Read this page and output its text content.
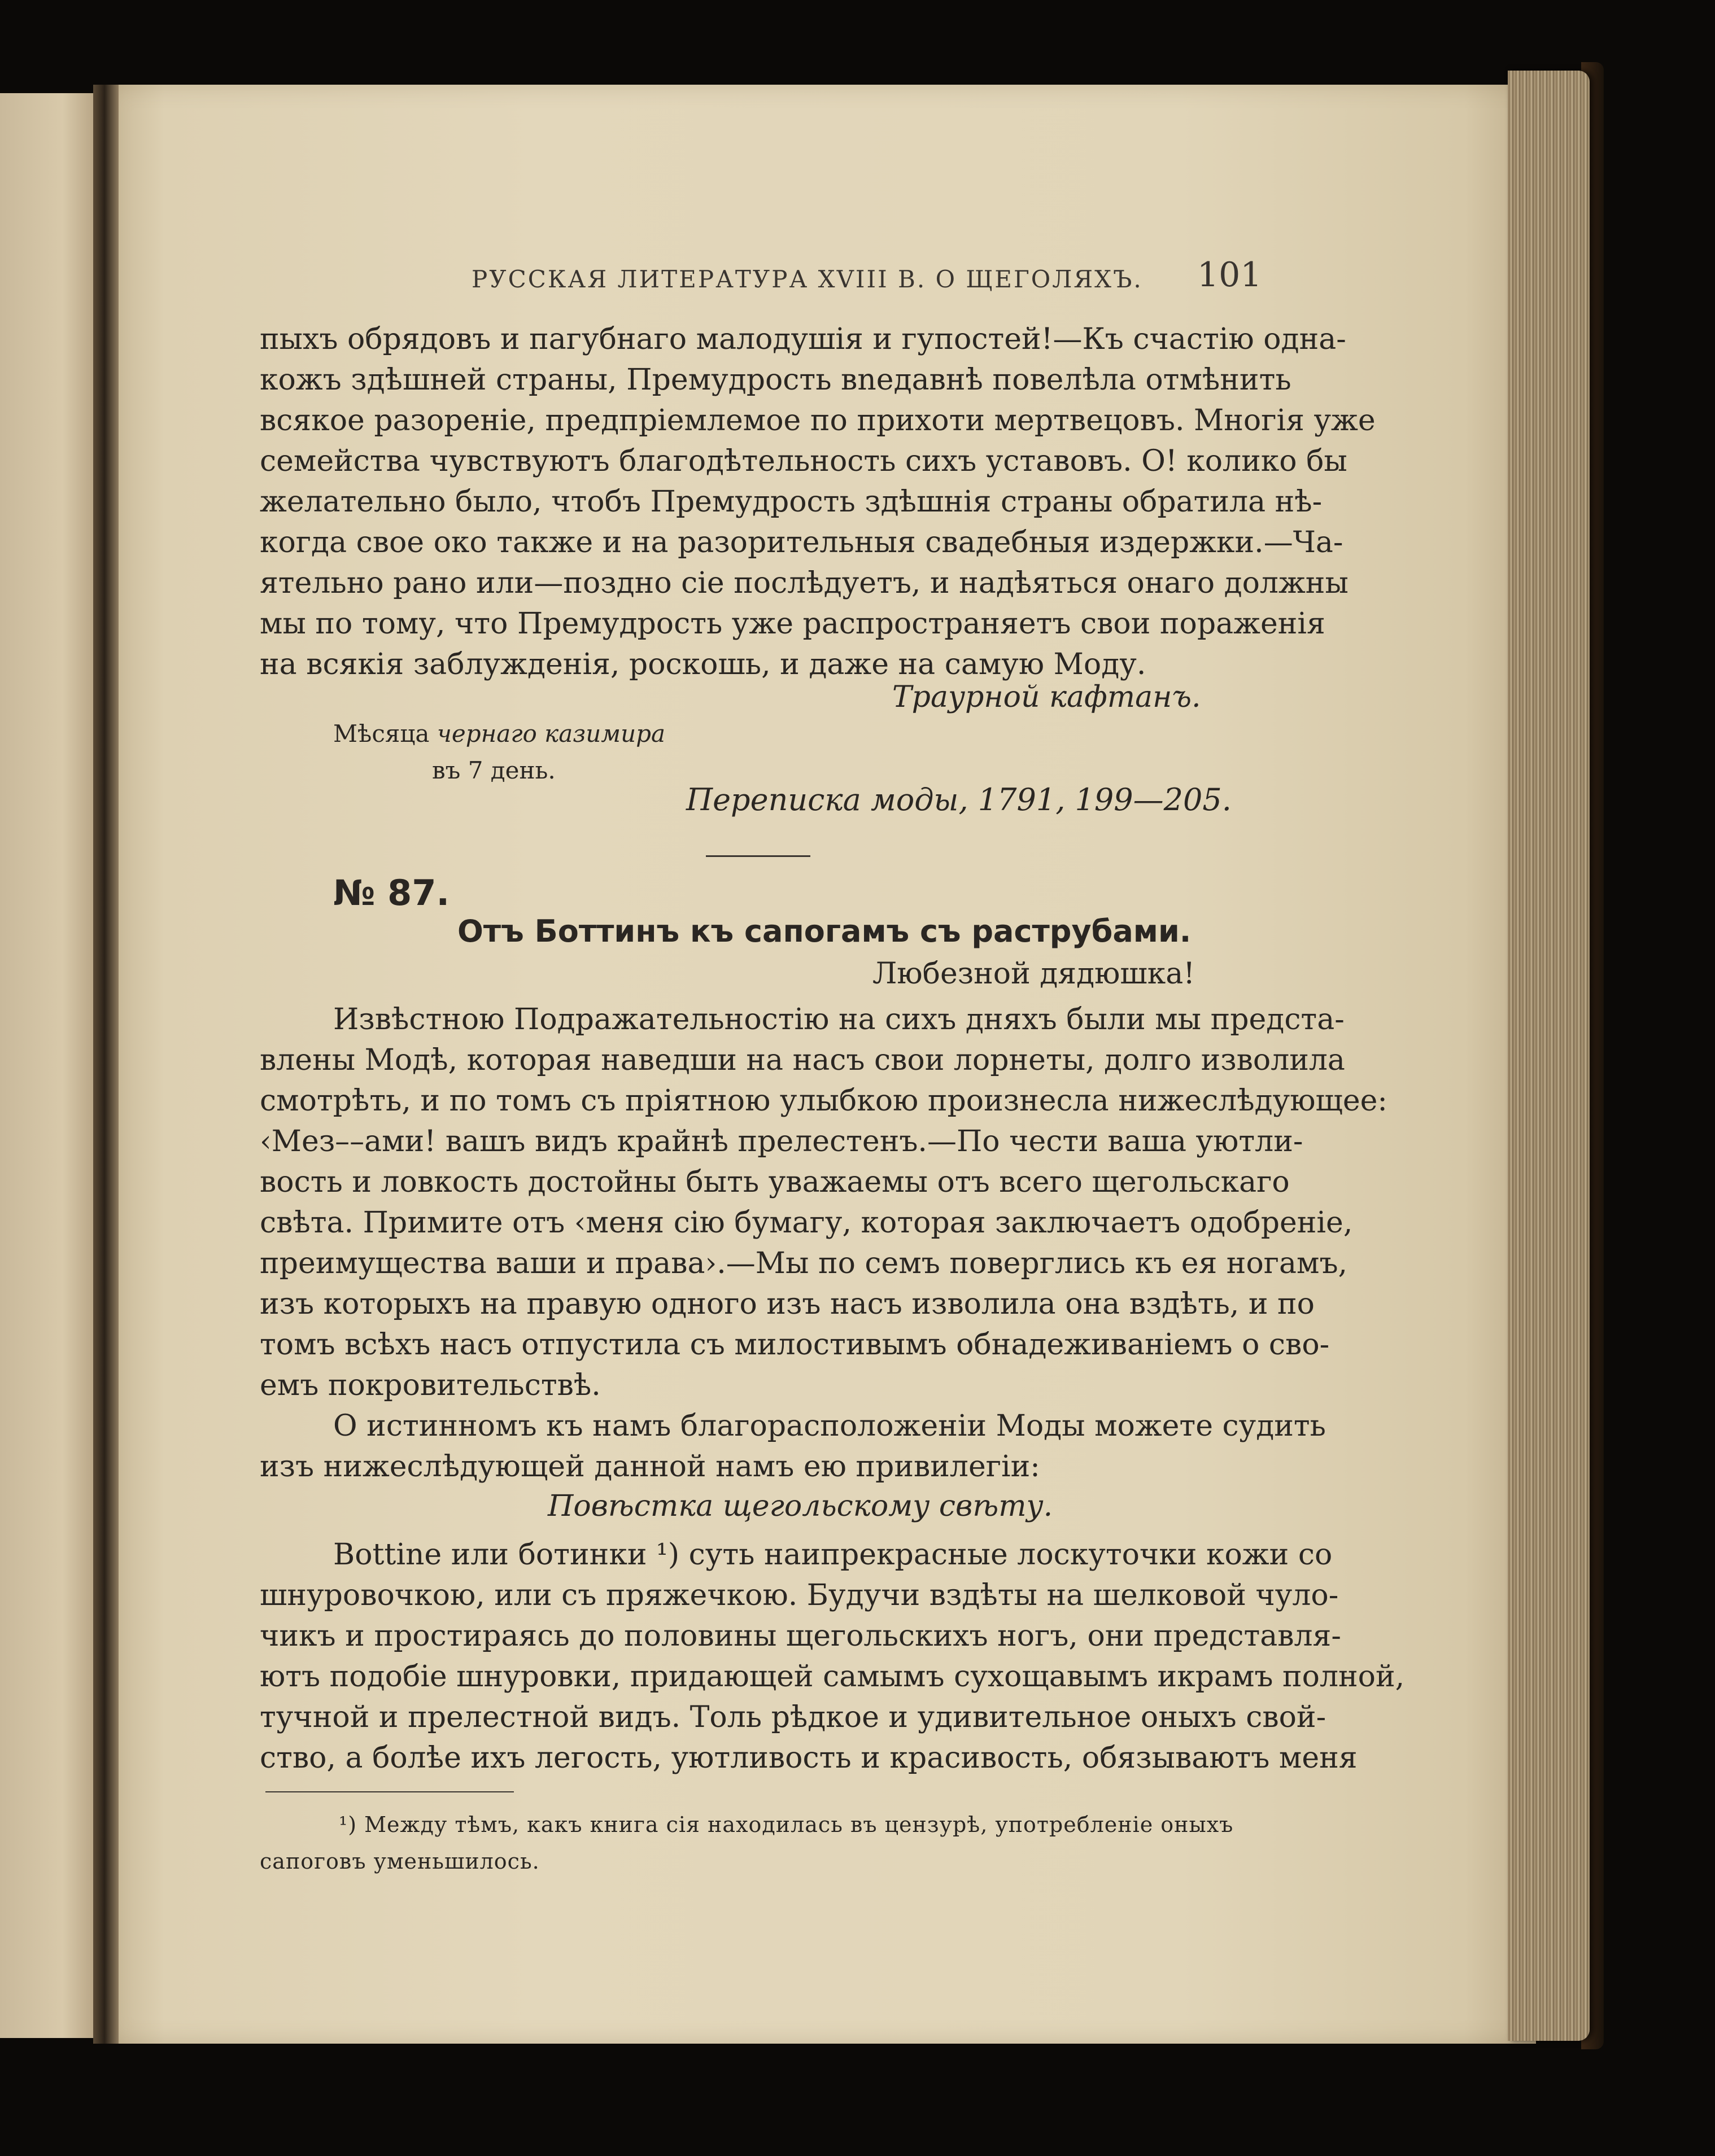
РУССКАЯ ЛИТЕРАТУРА XVIII В. О ЩЕГОЛЯХЪ. 101
пыхъ обрядовъ и пагубнаго малодушія и гупостей!—Къ счастію одна-
кожъ здѣшней страны, Премудрость вnедавнѣ повелѣла отмѣнить
всякое разореніе, предпріемлемое по прихоти мертвецовъ. Многія уже
семейства чувствуютъ благодѣтельность сихъ уставовъ. О! колико бы
желательно было, чтобъ Премудрость здѣшнія страны обратила нѣ-
когда свое око также и на разорительныя свадебныя издержки.—Ча-
ятельно рано или—поздно сіе послѣдуетъ, и надѣяться онаго должны
мы по тому, что Премудрость уже распространяетъ свои пораженія
на всякія заблужденія, роскошь, и даже на самую Моду.
Траурной кафтанъ.
Мѣсяца чернаго казимира
въ 7 день.
Переписка моды, 1791, 199—205.
№ 87.
Отъ Боттинъ къ сапогамъ съ раструбами.
Любезной дядюшка!
Извѣстною Подражательностію на сихъ дняхъ были мы предста-
влены Модѣ, которая наведши на насъ свои лорнеты, долго изволила
смотрѣть, и по томъ съ пріятною улыбкою произнесла нижеслѣдующее:
‹Мез––ами! вашъ видъ крайнѣ прелестенъ.—По чести ваша уютли-
вость и ловкость достойны быть уважаемы отъ всего щегольскаго
свѣта. Примите отъ ‹меня сію бумагу, которая заключаетъ одобреніе,
преимущества ваши и права›.—Мы по семъ поверглись къ ея ногамъ,
изъ которыхъ на правую одного изъ насъ изволила она вздѣть, и по
томъ всѣхъ насъ отпустила съ милостивымъ обнадеживаніемъ о сво-
емъ покровительствѣ.
О истинномъ къ намъ благорасположеніи Моды можете судить
изъ нижеслѣдующей данной намъ ею привилегіи:
Повѣстка щегольскому свѣту.
Bottine или ботинки ¹) суть наипрекрасные лоскуточки кожи со
шнуровочкою, или съ пряжечкою. Будучи вздѣты на шелковой чуло-
чикъ и простираясь до половины щегольскихъ ногъ, они представля-
ютъ подобіе шнуровки, придающей самымъ сухощавымъ икрамъ полной,
тучной и прелестной видъ. Толь рѣдкое и удивительное оныхъ свой-
ство, а болѣе ихъ легость, уютливость и красивость, обязываютъ меня
¹) Между тѣмъ, какъ книга сія находилась въ цензурѣ, употребленіе оныхъ
сапоговъ уменьшилось.
